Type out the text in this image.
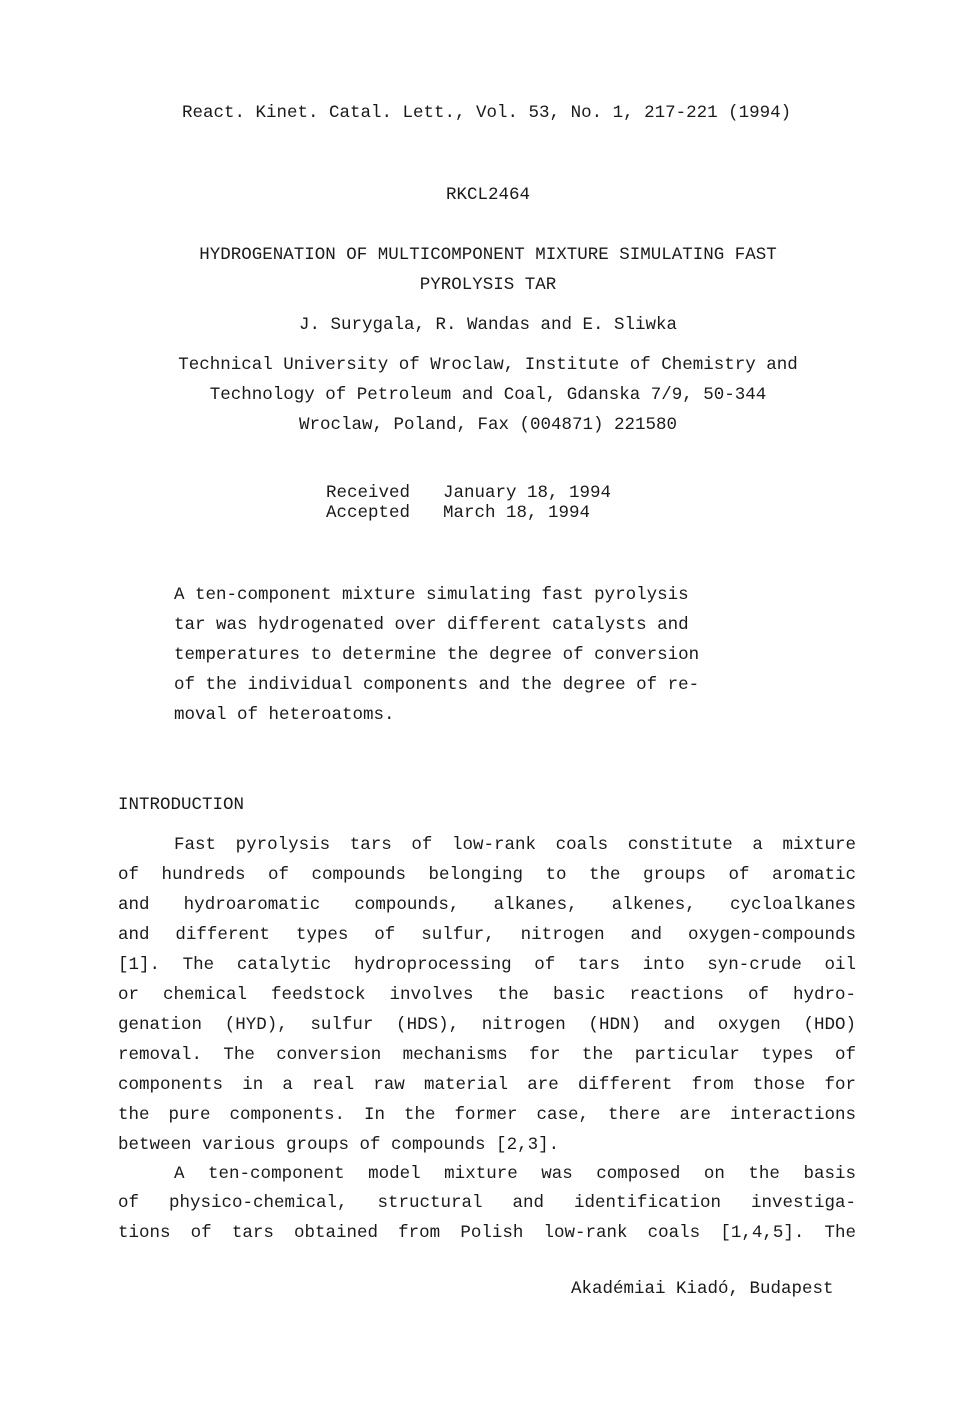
React. Kinet. Catal. Lett., Vol. 53, No. 1, 217-221 (1994)
RKCL2464
HYDROGENATION OF MULTICOMPONENT MIXTURE SIMULATING FAST
PYROLYSIS TAR
J. Surygala, R. Wandas and E. Sliwka
Technical University of Wroclaw, Institute of Chemistry and
Technology of Petroleum and Coal, Gdanska 7/9, 50-344
Wroclaw, Poland, Fax (004871) 221580
Received January 18, 1994
Accepted March 18, 1994
A ten-component mixture simulating fast pyrolysis
tar was hydrogenated over different catalysts and
temperatures to determine the degree of conversion
of the individual components and the degree of re-
moval of heteroatoms.
INTRODUCTION
Fast pyrolysis tars of low-rank coals constitute a mixture
of hundreds of compounds belonging to the groups of aromatic
and hydroaromatic compounds, alkanes, alkenes, cycloalkanes
and different types of sulfur, nitrogen and oxygen-compounds
[1]. The catalytic hydroprocessing of tars into syn-crude oil
or chemical feedstock involves the basic reactions of hydro-
genation (HYD), sulfur (HDS), nitrogen (HDN) and oxygen (HDO)
removal. The conversion mechanisms for the particular types of
components in a real raw material are different from those for
the pure components. In the former case, there are interactions
between various groups of compounds [2,3].
A ten-component model mixture was composed on the basis
of physico-chemical, structural and identification investiga-
tions of tars obtained from Polish low-rank coals [1,4,5]. The
Akadémiai Kiadó, Budapest
